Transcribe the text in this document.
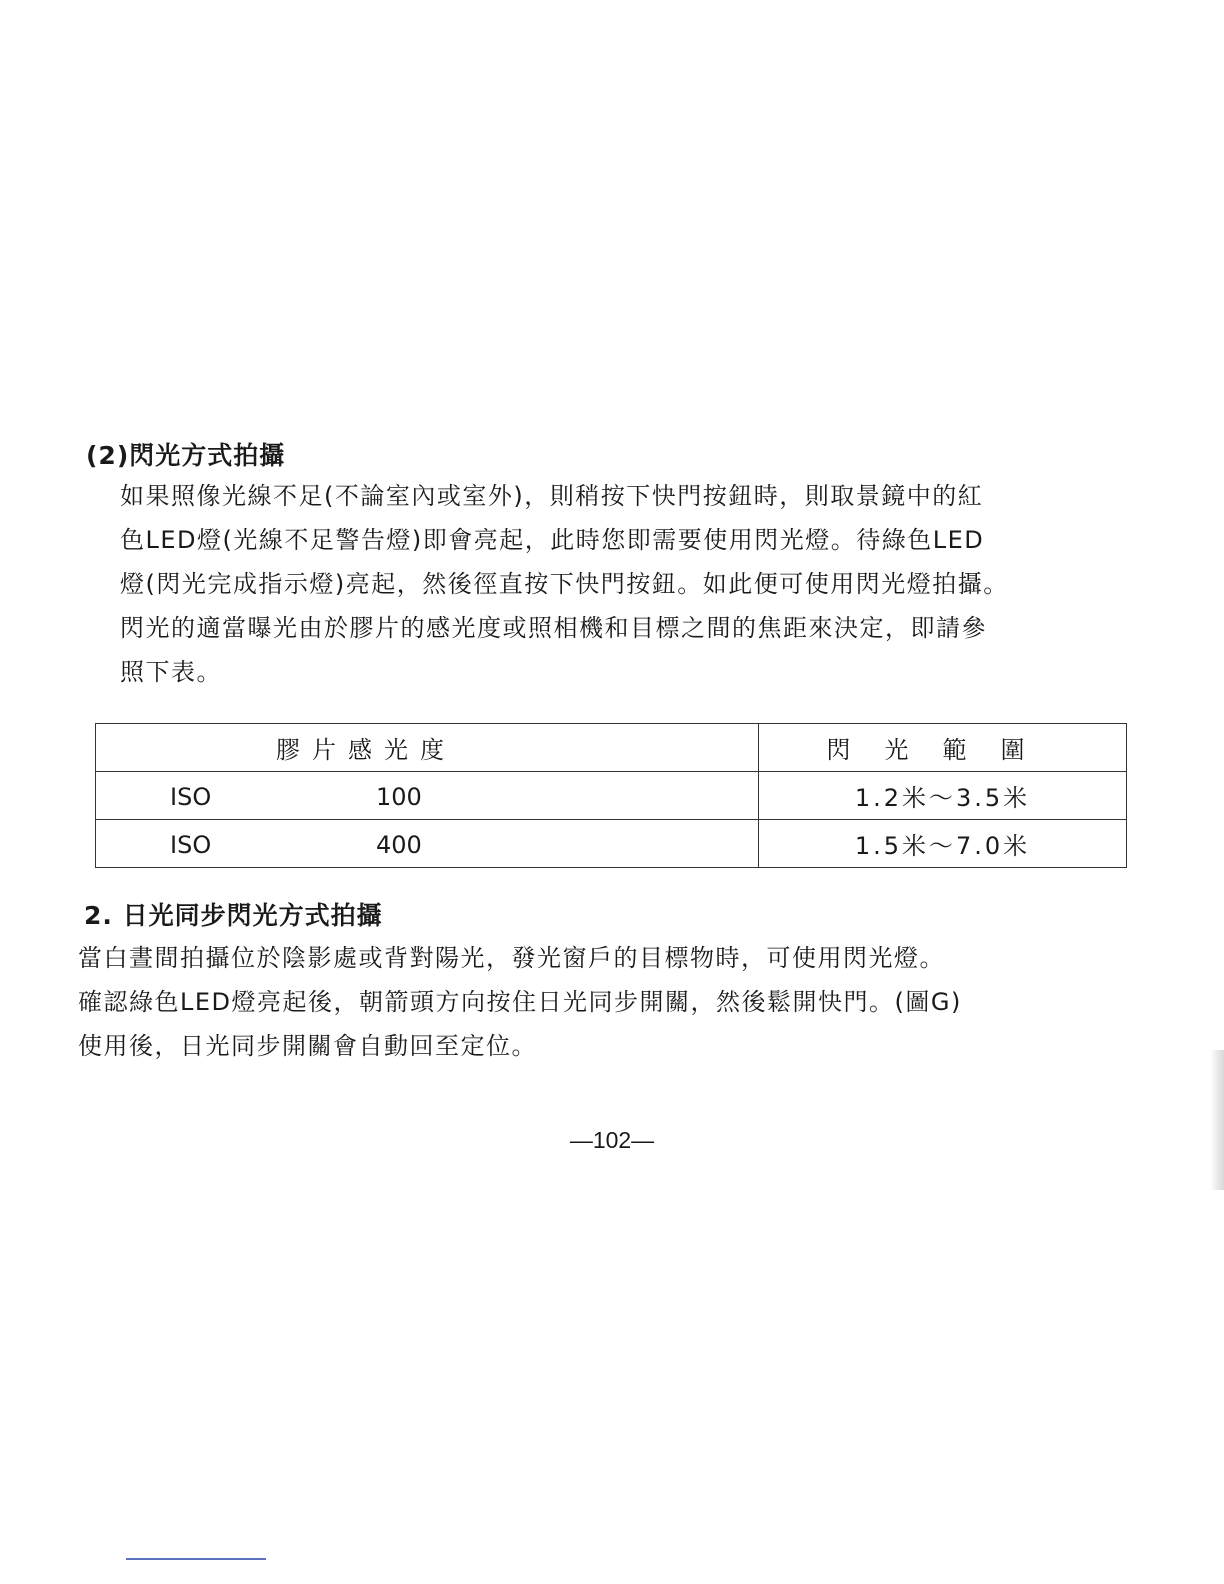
(2)閃光方式拍攝

如果照像光線不足(不論室內或室外)，則稍按下快門按鈕時，則取景鏡中的紅

色LED燈(光線不足警告燈)即會亮起，此時您即需要使用閃光燈。待綠色LED

燈(閃光完成指示燈)亮起，然後徑直按下快門按鈕。如此便可使用閃光燈拍攝。

閃光的適當曝光由於膠片的感光度或照相機和目標之間的焦距來決定，即請參

照下表。

膠片感光度	閃光範圍

ISO 100	1.2米～3.5米

ISO 400	1.5米～7.0米
2. 日光同步閃光方式拍攝

當白晝間拍攝位於陰影處或背對陽光，發光窗戶的目標物時，可使用閃光燈。

確認綠色LED燈亮起後，朝箭頭方向按住日光同步開關，然後鬆開快門。(圖G)

使用後，日光同步開關會自動回至定位。

—102—
